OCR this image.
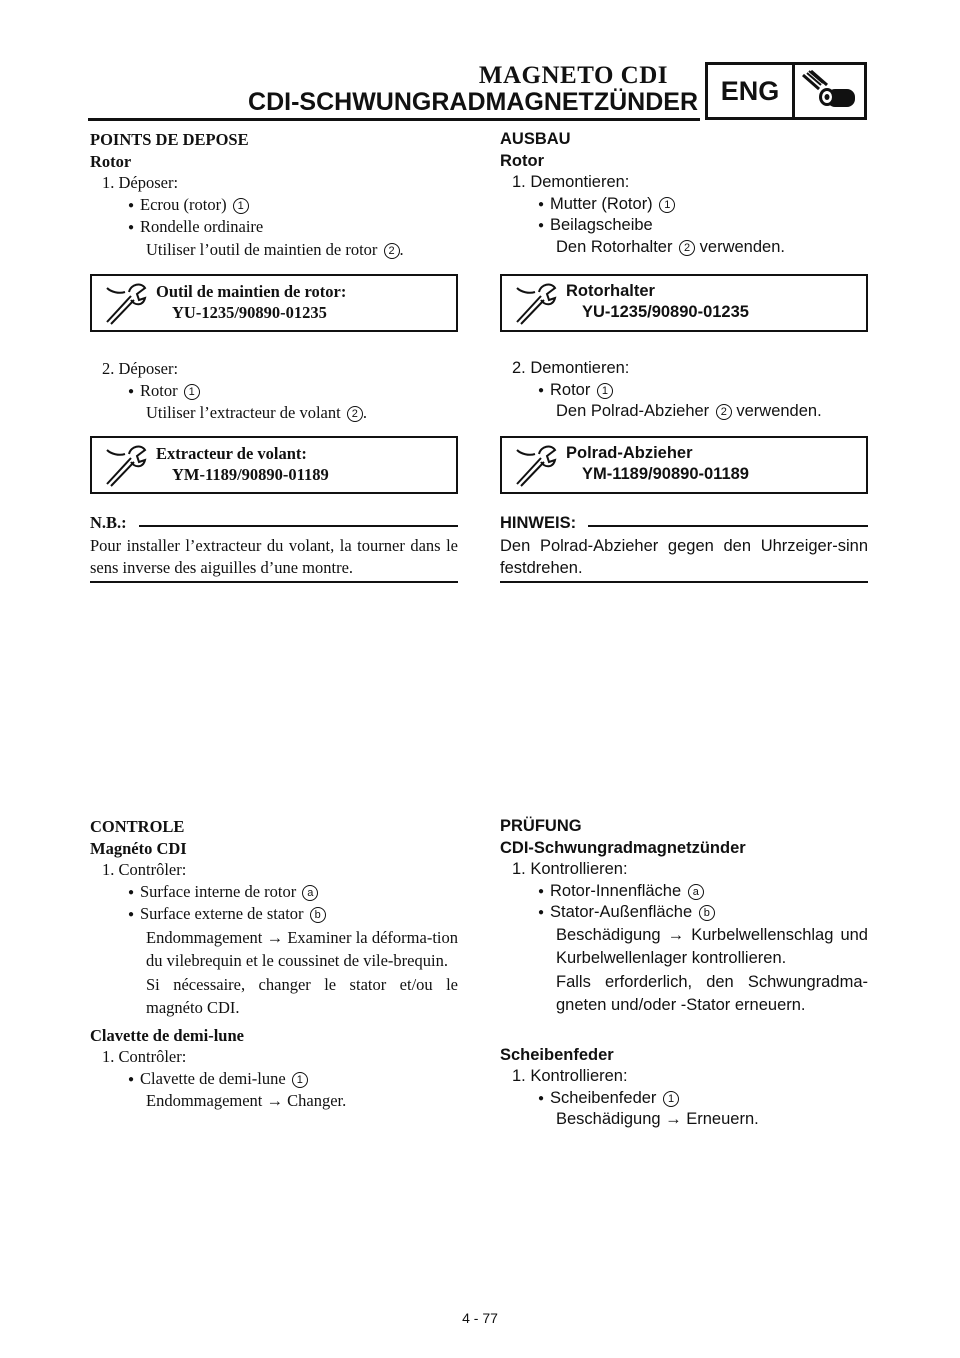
MAGNETO CDI
CDI-SCHWUNGRADMAGNETZÜNDER ENG
POINTS DE DEPOSE
Rotor
1. Déposer:
● Ecrou (rotor) 1
● Rondelle ordinaire
Utiliser l’outil de maintien de rotor 2 .
Outil de maintien de rotor:
YU-1235/90890-01235
2. Déposer:
● Rotor 1
Utiliser l’extracteur de volant 2 .
Extracteur de volant:
YM-1189/90890-01189
N.B.:
Pour installer l’extracteur du volant, la tourner dans le sens inverse des aiguilles d’une montre.
CONTROLE
Magnéto CDI
1. Contrôler:
● Surface interne de rotor a
● Surface externe de stator b
Endommagement → Examiner la déforma-tion du vilebrequin et le coussinet de vile-brequin.
Si nécessaire, changer le stator et/ou le magnéto CDI.
Clavette de demi-lune
1. Contrôler:
● Clavette de demi-lune 1
Endommagement → Changer.
AUSBAU
Rotor
1. Demontieren:
● Mutter (Rotor) 1
● Beilagscheibe
Den Rotorhalter 2 verwenden.
Rotorhalter
YU-1235/90890-01235
2. Demontieren:
● Rotor 1
Den Polrad-Abzieher 2 verwenden.
Polrad-Abzieher
YM-1189/90890-01189
HINWEIS:
Den Polrad-Abzieher gegen den Uhrzeiger-sinn festdrehen.
PRÜFUNG
CDI-Schwungradmagnetzünder
1. Kontrollieren:
● Rotor-Innenfläche a
● Stator-Außenfläche b
Beschädigung → Kurbelwellenschlag und Kurbelwellenlager kontrollieren.
Falls erforderlich, den Schwungradma-gneten und/oder -Stator erneuern.
Scheibenfeder
1. Kontrollieren:
● Scheibenfeder 1
Beschädigung → Erneuern.
4 - 77
